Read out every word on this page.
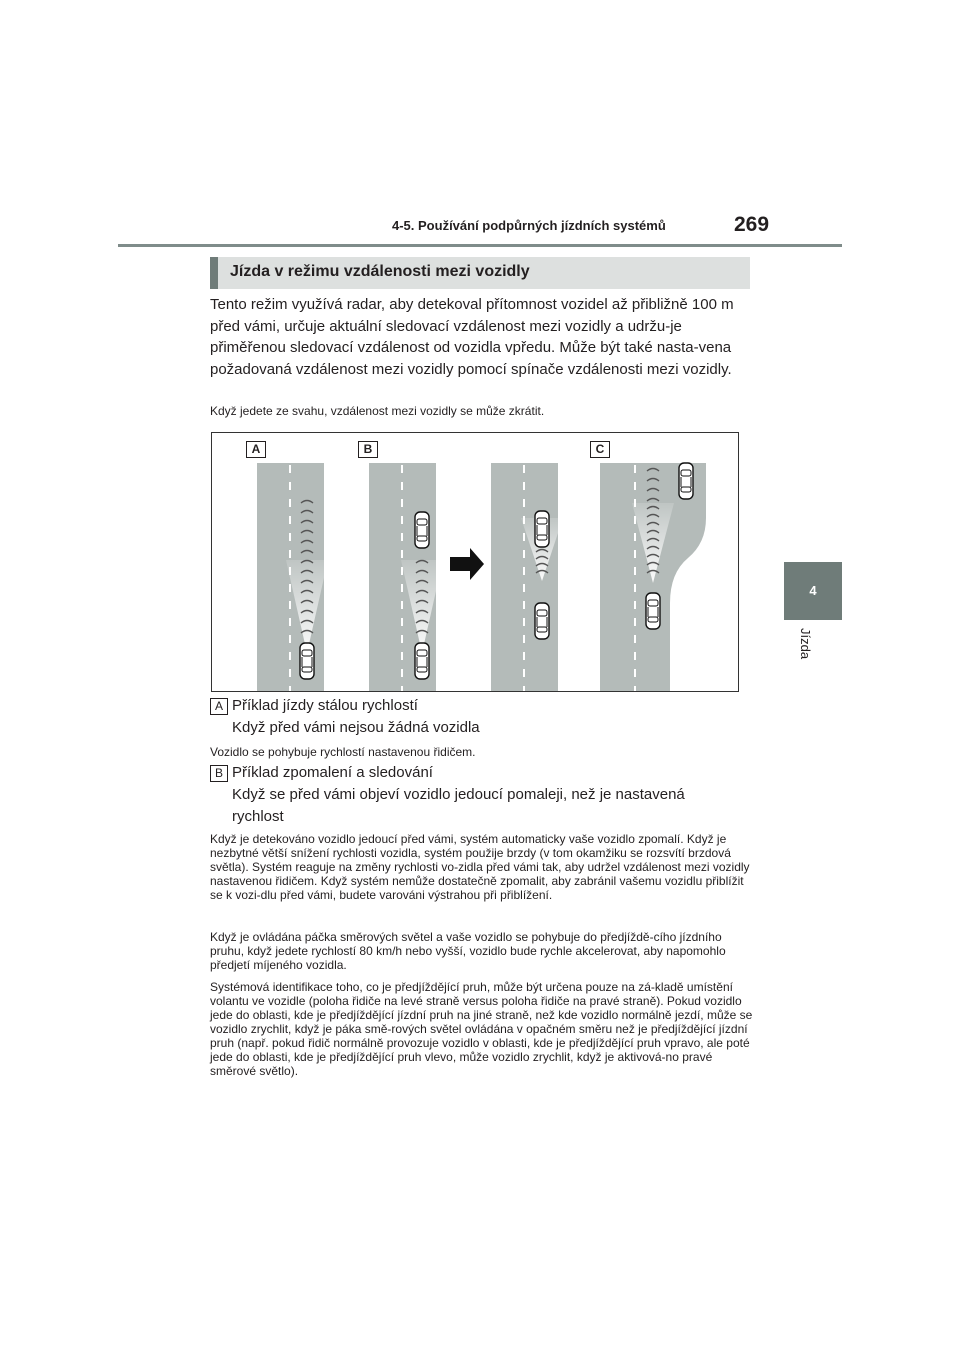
4-5. Používání podpůrných jízdních systémů	269
4
Jízda
Jízda v režimu vzdálenosti mezi vozidly

Tento režim využívá radar, aby detekoval přítomnost vozidel až přibližně 100 m před vámi, určuje aktuální sledovací vzdálenost mezi vozidly a udržu-je přiměřenou sledovací vzdálenost od vozidla vpředu. Může být také nasta-vena požadovaná vzdálenost mezi vozidly pomocí spínače vzdálenosti mezi vozidly.

Když jedete ze svahu, vzdálenost mezi vozidly se může zkrátit.

A	B	C
A Příklad jízdy stálou rychlostí

Když před vámi nejsou žádná vozidla

Vozidlo se pohybuje rychlostí nastavenou řidičem.

B Příklad zpomalení a sledování

Když se před vámi objeví vozidlo jedoucí pomaleji, než je nastavená rychlost

Když je detekováno vozidlo jedoucí před vámi, systém automaticky vaše vozidlo zpomalí. Když je nezbytné větší snížení rychlosti vozidla, systém použije brzdy (v tom okamžiku se rozsvítí brzdová světla). Systém reaguje na změny rychlosti vo-zidla před vámi tak, aby udržel vzdálenost mezi vozidly nastavenou řidičem. Když systém nemůže dostatečně zpomalit, aby zabránil vašemu vozidlu přiblížit se k vozi-dlu před vámi, budete varováni výstrahou při přiblížení.

Když je ovládána páčka směrových světel a vaše vozidlo se pohybuje do předjíždě-cího jízdního pruhu, když jedete rychlostí 80 km/h nebo vyšší, vozidlo bude rychle akcelerovat, aby napomohlo předjetí míjeného vozidla.

Systémová identifikace toho, co je předjíždějící pruh, může být určena pouze na zá-kladě umístění volantu ve vozidle (poloha řidiče na levé straně versus poloha řidiče na pravé straně). Pokud vozidlo jede do oblasti, kde je předjíždějící jízdní pruh na jiné straně, než kde vozidlo normálně jezdí, může se vozidlo zrychlit, když je páka smě-rových světel ovládána v opačném směru než je předjíždějící jízdní pruh (např. pokud řidič normálně provozuje vozidlo v oblasti, kde je předjíždějící pruh vpravo, ale poté jede do oblasti, kde je předjíždějící pruh vlevo, může vozidlo zrychlit, když je aktivová-no pravé směrové světlo).
